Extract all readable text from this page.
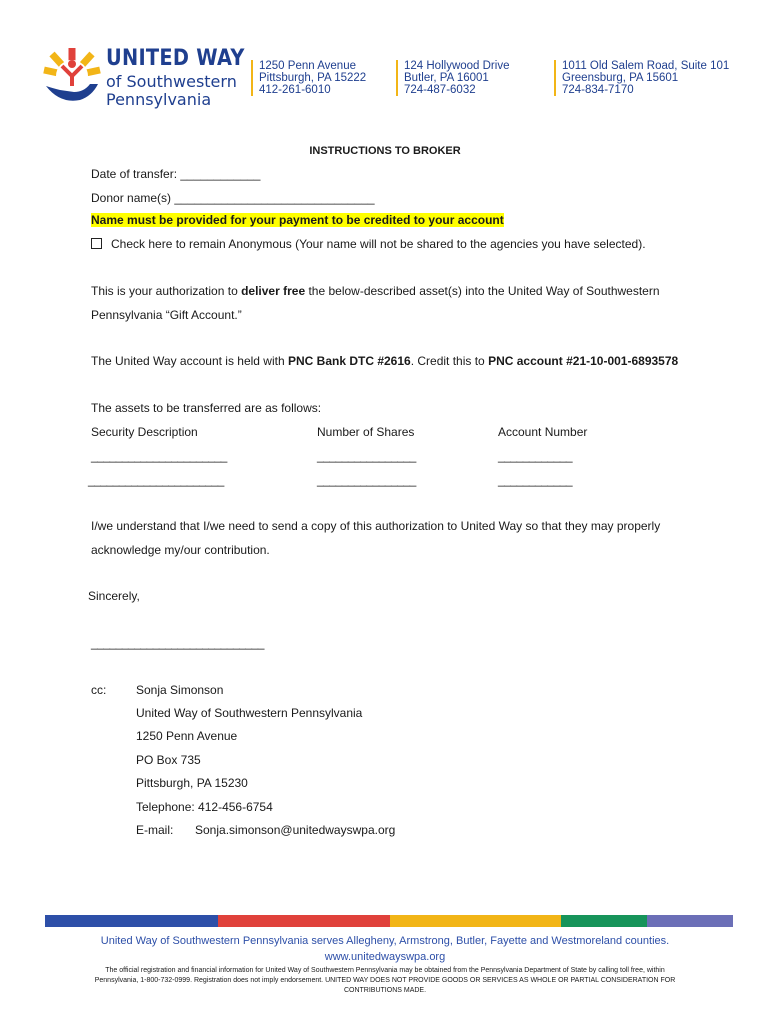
UNITED WAY
of Southwestern
Pennsylvania
1250 Penn Avenue
Pittsburgh, PA 15222
412-261-6010
124 Hollywood Drive
Butler, PA 16001
724-487-6032
1011 Old Salem Road, Suite 101
Greensburg, PA 15601
724-834-7170
INSTRUCTIONS TO BROKER
Date of transfer: ____________
Donor name(s) ______________________________
Name must be provided for your payment to be credited to your account
Check here to remain Anonymous (Your name will not be shared to the agencies you have selected).
This is your authorization to deliver free the below-described asset(s) into the United Way of Southwestern
Pennsylvania “Gift Account.”
The United Way account is held with PNC Bank DTC #2616. Credit this to PNC account #21-10-001-6893578
The assets to be transferred are as follows:
Security Description	Number of Shares	Account Number
______________________	________________	____________
______________________	________________	____________
I/we understand that I/we need to send a copy of this authorization to United Way so that they may properly
acknowledge my/our contribution.
Sincerely,
____________________________
cc: Sonja Simonson
United Way of Southwestern Pennsylvania
1250 Penn Avenue
PO Box 735
Pittsburgh, PA 15230
Telephone: 412-456-6754
E-mail: Sonja.simonson@unitedwayswpa.org
United Way of Southwestern Pennsylvania serves Allegheny, Armstrong, Butler, Fayette and Westmoreland counties.
www.unitedwayswpa.org
The official registration and financial information for United Way of Southwestern Pennsylvania may be obtained from the Pennsylvania Department of State by calling toll free, within Pennsylvania, 1-800-732-0999. Registration does not imply endorsement. UNITED WAY DOES NOT PROVIDE GOODS OR SERVICES AS WHOLE OR PARTIAL CONSIDERATION FOR CONTRIBUTIONS MADE.
